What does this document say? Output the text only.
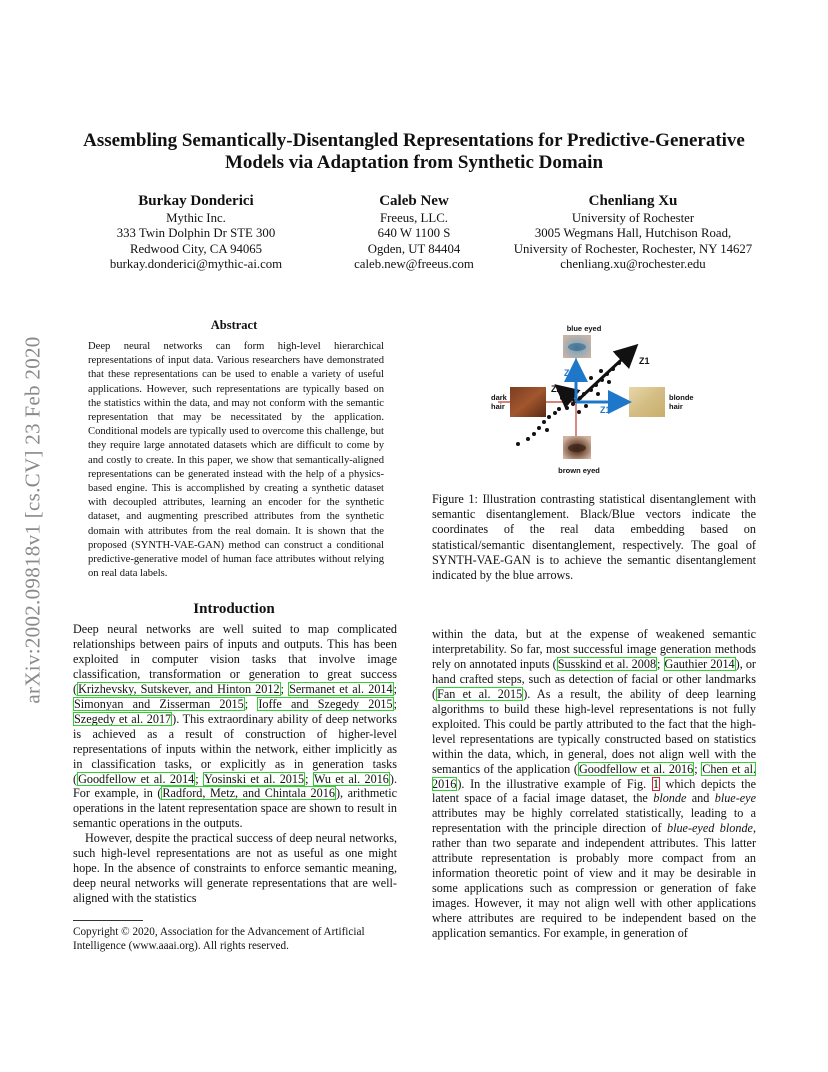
arXiv:2002.09818v1 [cs.CV] 23 Feb 2020
Assembling Semantically-Disentangled Representations for Predictive-Generative
Models via Adaptation from Synthetic Domain
Burkay Donderici
Mythic Inc.
333 Twin Dolphin Dr STE 300
Redwood City, CA 94065
burkay.donderici@mythic-ai.com
Caleb New
Freeus, LLC.
640 W 1100 S
Ogden, UT 84404
caleb.new@freeus.com
Chenliang Xu
University of Rochester
3005 Wegmans Hall, Hutchison Road,
University of Rochester, Rochester, NY 14627
chenliang.xu@rochester.edu
Abstract
Deep neural networks can form high-level hierarchical representations of input data. Various researchers have demonstrated that these representations can be used to enable a variety of useful applications. However, such representations are typically based on the statistics within the data, and may not conform with the semantic representation that may be necessitated by the application. Conditional models are typically used to overcome this challenge, but they require large annotated datasets which are difficult to come by and costly to create. In this paper, we show that semantically-aligned representations can be generated instead with the help of a physics-based engine. This is accomplished by creating a synthetic dataset with decoupled attributes, learning an encoder for the synthetic dataset, and augmenting prescribed attributes from the synthetic domain with attributes from the real domain. It is shown that the proposed (SYNTH-VAE-GAN) method can construct a conditional predictive-generative model of human face attributes without relying on real data labels.
Introduction

Deep neural networks are well suited to map complicated relationships between pairs of inputs and outputs. This has been exploited in computer vision tasks that involve image classification, transformation or generation to great success (Krizhevsky, Sutskever, and Hinton 2012; Sermanet et al. 2014; Simonyan and Zisserman 2015; Ioffe and Szegedy 2015; Szegedy et al. 2017). This extraordinary ability of deep networks is achieved as a result of construction of higher-level representations of inputs within the network, either implicitly as in classification tasks, or explicitly as in generation tasks (Goodfellow et al. 2014; Yosinski et al. 2015; Wu et al. 2016). For example, in (Radford, Metz, and Chintala 2016), arithmetic operations in the latent representation space are shown to result in semantic operations in the outputs.

However, despite the practical success of deep neural networks, such high-level representations are not as useful as one might hope. In the absence of constraints to enforce semantic meaning, deep neural networks will generate representations that are well-aligned with the statistics

Copyright © 2020, Association for the Advancement of Artificial Intelligence (www.aaai.org). All rights reserved.
blue eyed
brown eyed
dark
hair
blonde
hair
Z1
Z2
Z1'
Z2'
Figure 1: Illustration contrasting statistical disentanglement with semantic disentanglement. Black/Blue vectors indicate the coordinates of the real data embedding based on statistical/semantic disentanglement, respectively. The goal of SYNTH-VAE-GAN is to achieve the semantic disentanglement indicated by the blue arrows.

within the data, but at the expense of weakened semantic interpretability. So far, most successful image generation methods rely on annotated inputs (Susskind et al. 2008; Gauthier 2014), or hand crafted steps, such as detection of facial or other landmarks (Fan et al. 2015). As a result, the ability of deep learning algorithms to build these high-level representations is not fully exploited. This could be partly attributed to the fact that the high-level representations are typically constructed based on statistics within the data, which, in general, does not align well with the semantics of the application (Goodfellow et al. 2016; Chen et al. 2016). In the illustrative example of Fig. 1 which depicts the latent space of a facial image dataset, the blonde and blue-eye attributes may be highly correlated statistically, leading to a representation with the principle direction of blue-eyed blonde, rather than two separate and independent attributes. This latter attribute representation is probably more compact from an information theoretic point of view and it may be desirable in some applications such as compression or generation of fake images. However, it may not align well with other applications where attributes are required to be independent based on the application semantics. For example, in generation of
